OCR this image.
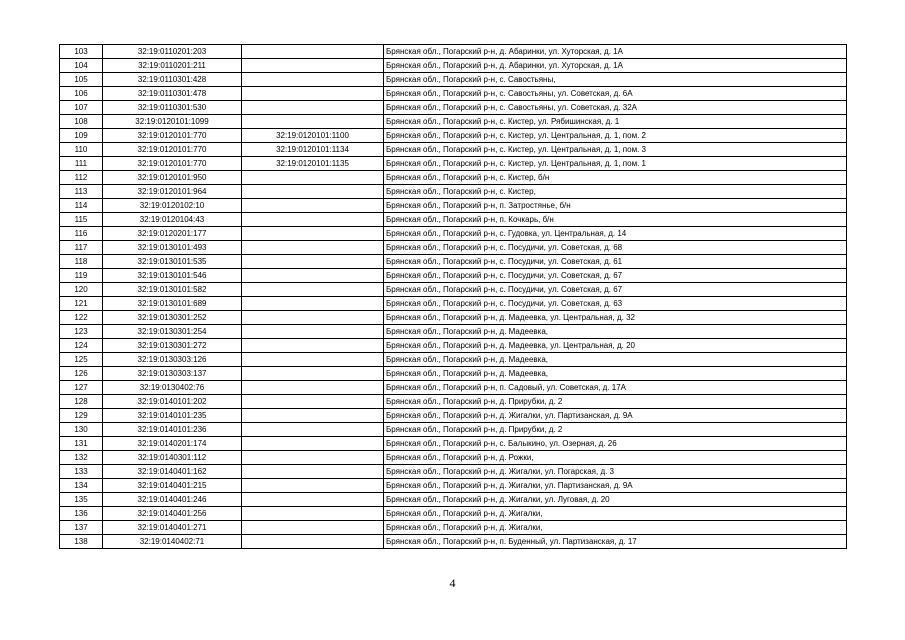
103	32:19:0110201:203		Брянская обл., Погарский р-н, д. Абаринки, ул. Хуторская, д. 1А
104	32:19:0110201:211		Брянская обл., Погарский р-н, д. Абаринки, ул. Хуторская, д. 1А
105	32:19:0110301:428		Брянская обл., Погарский р-н, с. Савостьяны,
106	32:19:0110301:478		Брянская обл., Погарский р-н, с. Савостьяны, ул. Советская, д. 6А
107	32:19:0110301:530		Брянская обл., Погарский р-н, с. Савостьяны, ул. Советская, д. 32А
108	32:19:0120101:1099		Брянская обл., Погарский р-н, с. Кистер, ул. Рябишинская, д. 1
109	32:19:0120101:770	32:19:0120101:1100	Брянская обл., Погарский р-н, с. Кистер, ул. Центральная, д. 1, пом. 2
110	32:19:0120101:770	32:19:0120101:1134	Брянская обл., Погарский р-н, с. Кистер, ул. Центральная, д. 1, пом. 3
111	32:19:0120101:770	32:19:0120101:1135	Брянская обл., Погарский р-н, с. Кистер, ул. Центральная, д. 1, пом. 1
112	32:19:0120101:950		Брянская обл., Погарский р-н, с. Кистер, б/н
113	32:19:0120101:964		Брянская обл., Погарский р-н, с. Кистер,
114	32:19:0120102:10		Брянская обл., Погарский р-н, п. Затростянье, б/н
115	32:19:0120104:43		Брянская обл., Погарский р-н, п. Кочкарь, б/н
116	32:19:0120201:177		Брянская обл., Погарский р-н, с. Гудовка, ул. Центральная, д. 14
117	32:19:0130101:493		Брянская обл., Погарский р-н, с. Посудичи, ул. Советская, д. 68
118	32:19:0130101:535		Брянская обл., Погарский р-н, с. Посудичи, ул. Советская, д. 61
119	32:19:0130101:546		Брянская обл., Погарский р-н, с. Посудичи, ул. Советская, д. 67
120	32:19:0130101:582		Брянская обл., Погарский р-н, с. Посудичи, ул. Советская, д. 67
121	32:19:0130101:689		Брянская обл., Погарский р-н, с. Посудичи, ул. Советская, д. 63
122	32:19:0130301:252		Брянская обл., Погарский р-н, д. Мадеевка, ул. Центральная, д. 32
123	32:19:0130301:254		Брянская обл., Погарский р-н, д. Мадеевка,
124	32:19:0130301:272		Брянская обл., Погарский р-н, д. Мадеевка, ул. Центральная, д. 20
125	32:19:0130303:126		Брянская обл., Погарский р-н, д. Мадеевка,
126	32:19:0130303:137		Брянская обл., Погарский р-н, д. Мадеевка,
127	32:19:0130402:76		Брянская обл., Погарский р-н, п. Садовый, ул. Советская, д. 17А
128	32:19:0140101:202		Брянская обл., Погарский р-н, д. Прирубки, д. 2
129	32:19:0140101:235		Брянская обл., Погарский р-н, д. Жигалки, ул. Партизанская, д. 9А
130	32:19:0140101:236		Брянская обл., Погарский р-н, д. Прирубки, д. 2
131	32:19:0140201:174		Брянская обл., Погарский р-н, с. Балыкино, ул. Озерная, д. 26
132	32:19:0140301:112		Брянская обл., Погарский р-н, д. Рожки,
133	32:19:0140401:162		Брянская обл., Погарский р-н, д. Жигалки, ул. Погарская, д. 3
134	32:19:0140401:215		Брянская обл., Погарский р-н, д. Жигалки, ул. Партизанская, д. 9А
135	32:19:0140401:246		Брянская обл., Погарский р-н, д. Жигалки, ул. Луговая, д. 20
136	32:19:0140401:256		Брянская обл., Погарский р-н, д. Жигалки,
137	32:19:0140401:271		Брянская обл., Погарский р-н, д. Жигалки,
138	32:19:0140402:71		Брянская обл., Погарский р-н, п. Буденный, ул. Партизанская, д. 17
4
